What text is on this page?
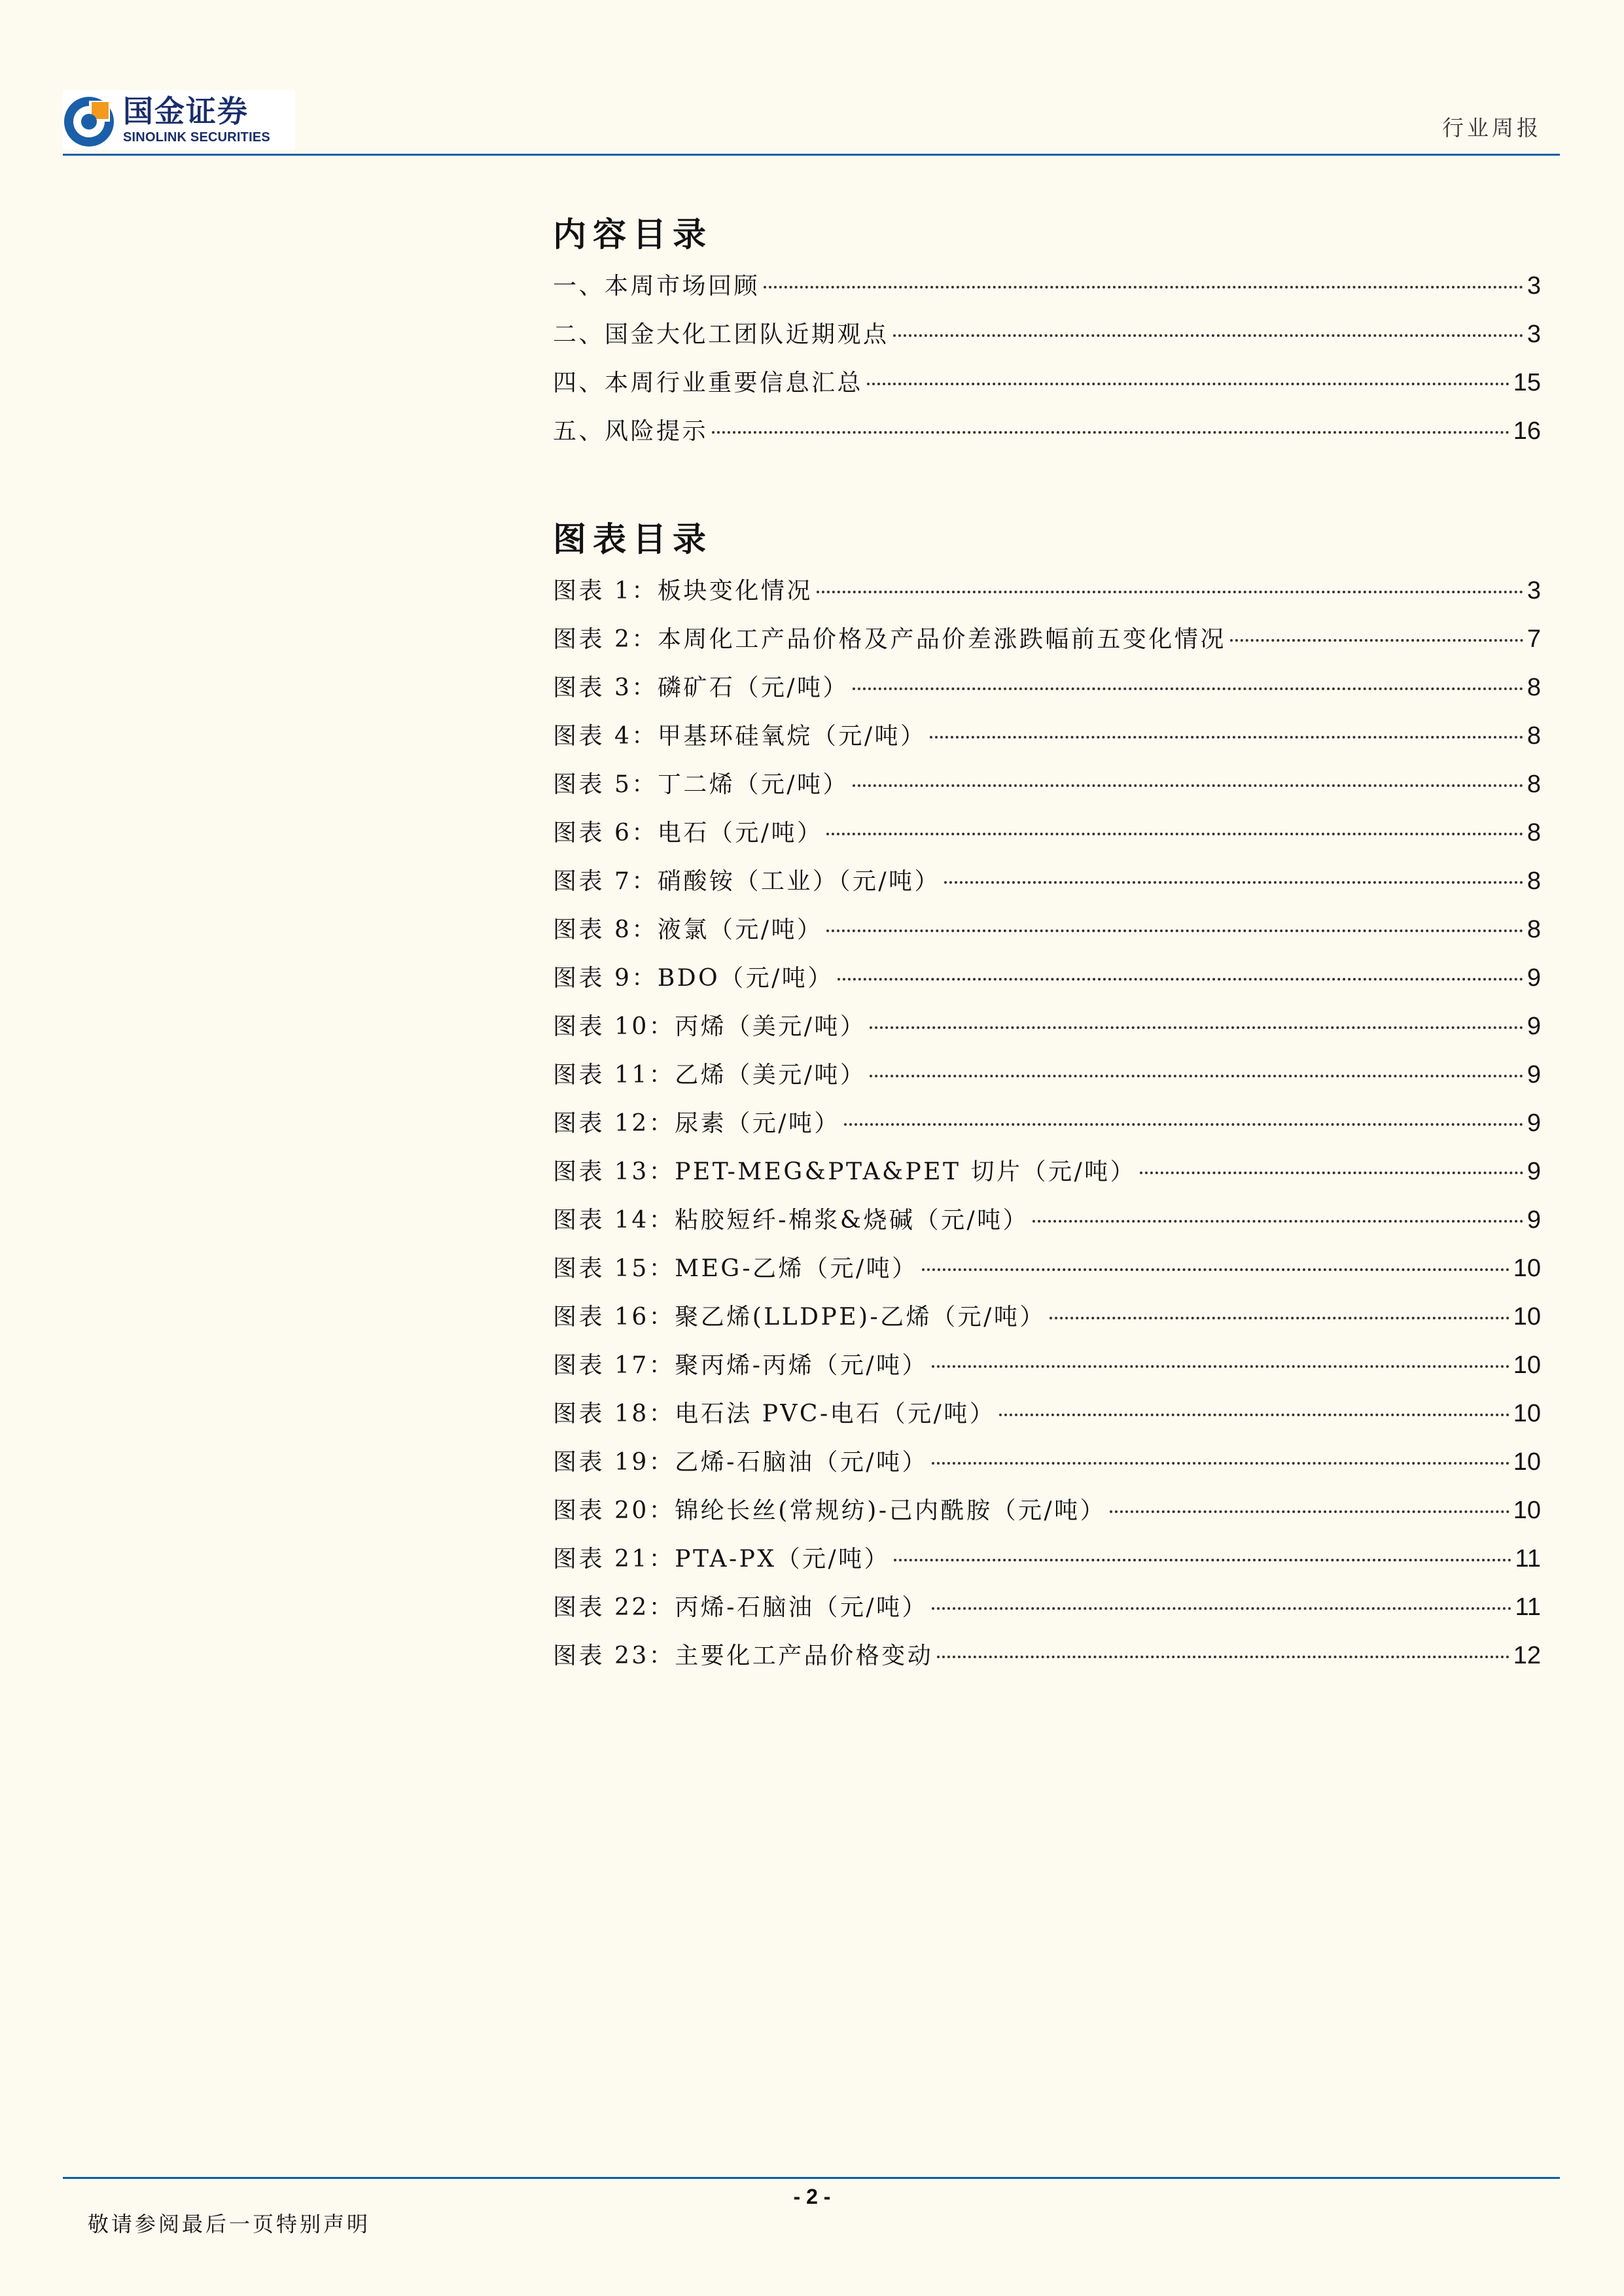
国金证券
SINOLINK SECURITIES	行业周报
内容目录
一、本周市场回顾	3
二、国金大化工团队近期观点	3
四、本周行业重要信息汇总	15
五、风险提示	16
图表目录
图表 1：板块变化情况	3
图表 2：本周化工产品价格及产品价差涨跌幅前五变化情况	7
图表 3：磷矿石（元/吨）	8
图表 4：甲基环硅氧烷（元/吨）	8
图表 5：丁二烯（元/吨）	8
图表 6：电石（元/吨）	8
图表 7：硝酸铵（工业）（元/吨）	8
图表 8：液氯（元/吨）	8
图表 9：BDO（元/吨）	9
图表 10：丙烯（美元/吨）	9
图表 11：乙烯（美元/吨）	9
图表 12：尿素（元/吨）	9
图表 13：PET-MEG&PTA&PET 切片（元/吨）	9
图表 14：粘胶短纤-棉浆&烧碱（元/吨）	9
图表 15：MEG-乙烯（元/吨）	10
图表 16：聚乙烯(LLDPE)-乙烯（元/吨）	10
图表 17：聚丙烯-丙烯（元/吨）	10
图表 18：电石法 PVC-电石（元/吨）	10
图表 19：乙烯-石脑油（元/吨）	10
图表 20：锦纶长丝(常规纺)-己内酰胺（元/吨）	10
图表 21：PTA-PX（元/吨）	11
图表 22：丙烯-石脑油（元/吨）	11
图表 23：主要化工产品价格变动	12
- 2 -
敬请参阅最后一页特别声明
